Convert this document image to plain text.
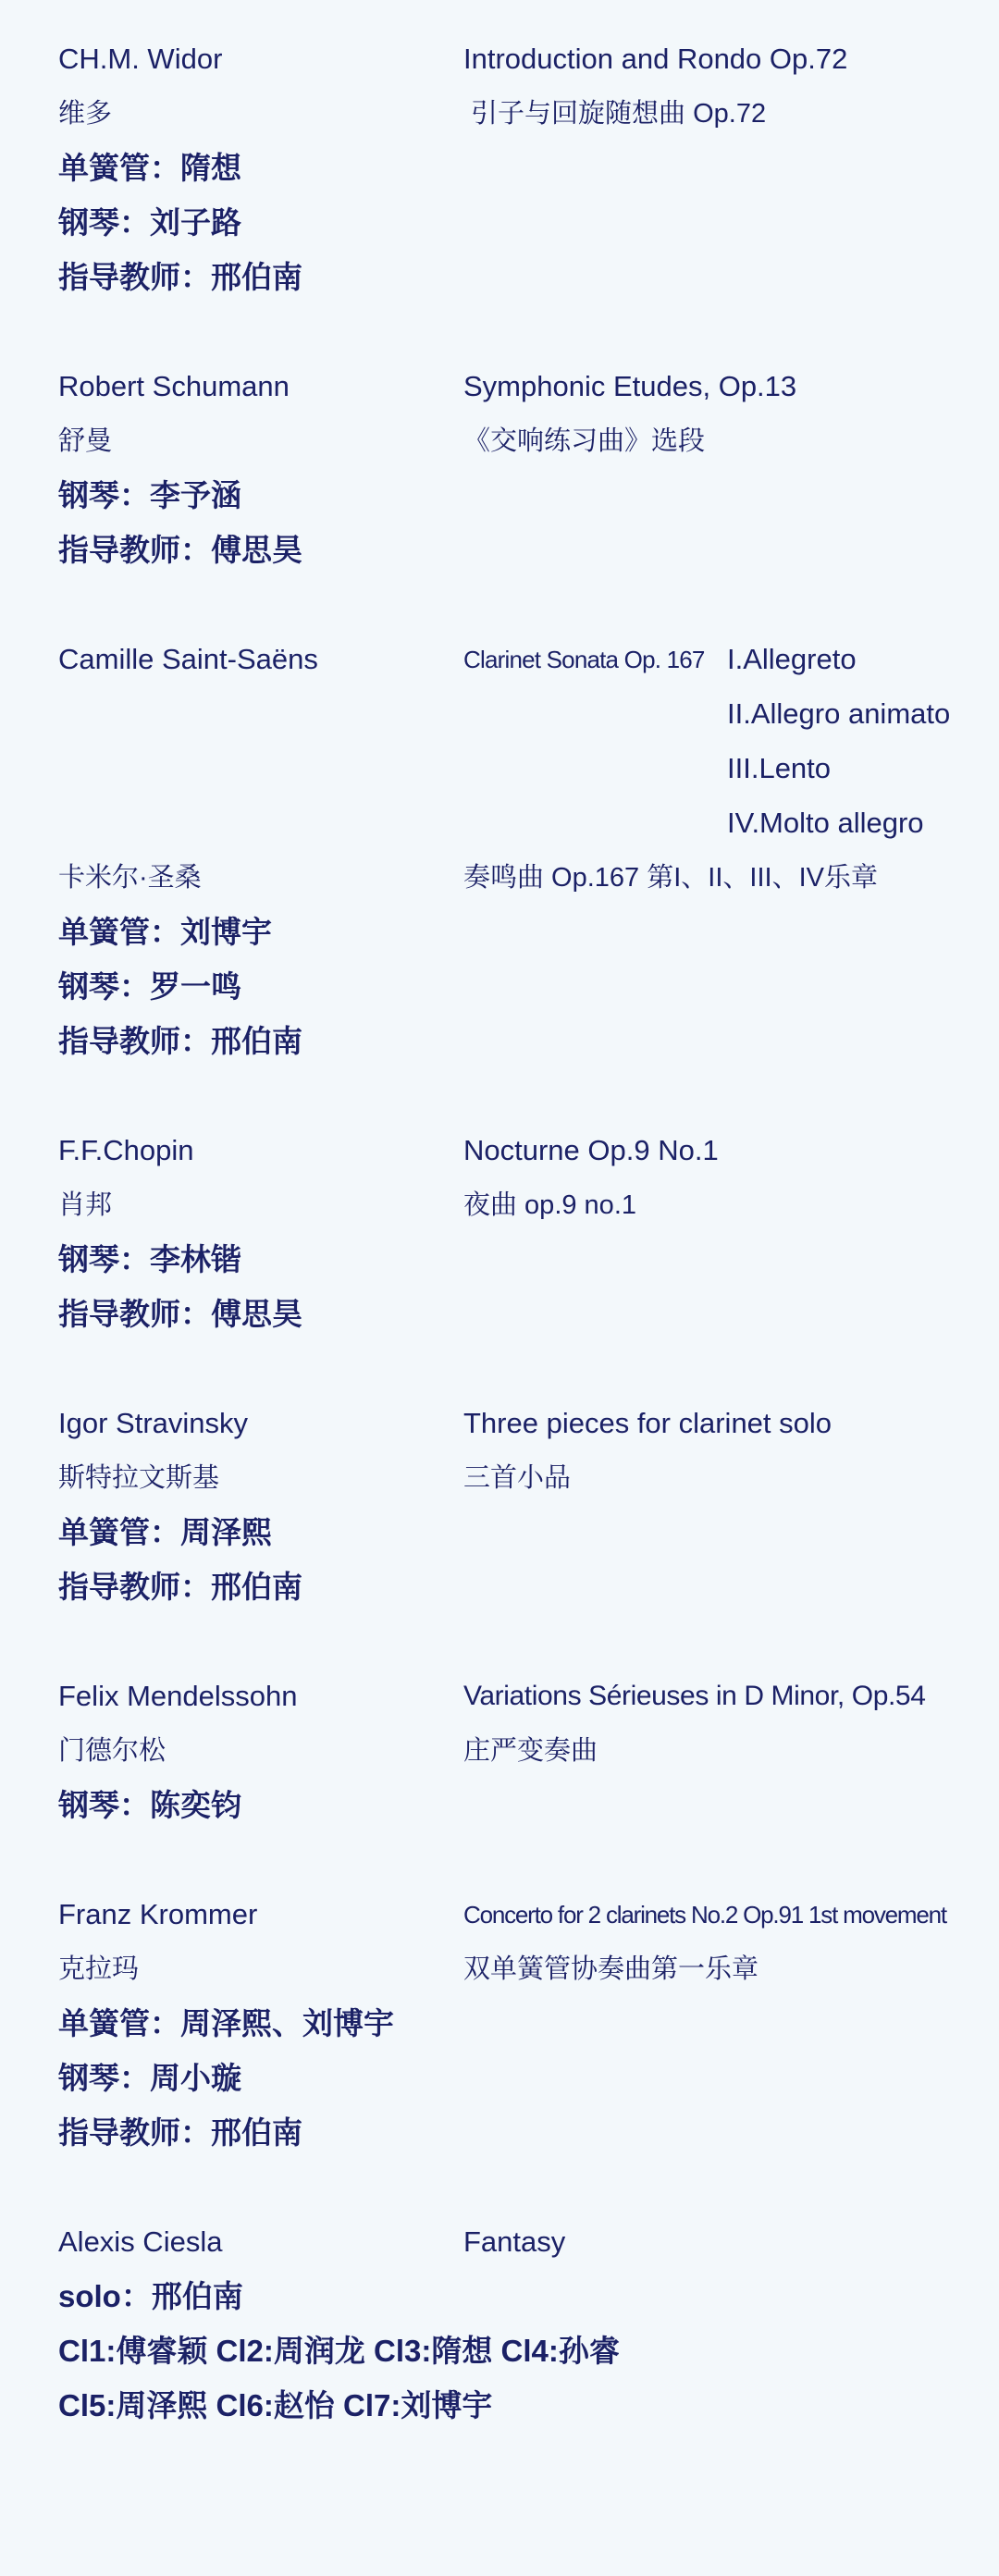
CH.M. Widor	Introduction and Rondo Op.72
维多	引子与回旋随想曲 Op.72
单簧管：隋想
钢琴：刘子路
指导教师：邢伯南
Robert Schumann	Symphonic Etudes, Op.13
舒曼	《交响练习曲》选段
钢琴：李予涵
指导教师：傅思昊
Camille Saint-Saëns	Clarinet Sonata Op. 167 I.Allegreto
II.Allegro animato
III.Lento
IV.Molto allegro
卡米尔·圣桑	奏鸣曲 Op.167 第I、II、III、IV乐章
单簧管：刘博宇
钢琴：罗一鸣
指导教师：邢伯南
F.F.Chopin	Nocturne Op.9 No.1
肖邦	夜曲 op.9 no.1
钢琴：李林锴
指导教师：傅思昊
Igor Stravinsky	Three pieces for clarinet solo
斯特拉文斯基	三首小品
单簧管：周泽熙
指导教师：邢伯南
Felix Mendelssohn	Variations Sérieuses in D Minor, Op.54
门德尔松	庄严变奏曲
钢琴：陈奕钧
Franz Krommer	Concerto for 2 clarinets No.2 Op.91 1st movement
克拉玛	双单簧管协奏曲第一乐章
单簧管：周泽熙、刘博宇
钢琴：周小璇
指导教师：邢伯南
Alexis Ciesla	Fantasy
solo：邢伯南
Cl1:傅睿颖 Cl2:周润龙 Cl3:隋想 Cl4:孙睿
Cl5:周泽熙 Cl6:赵怡 Cl7:刘博宇
